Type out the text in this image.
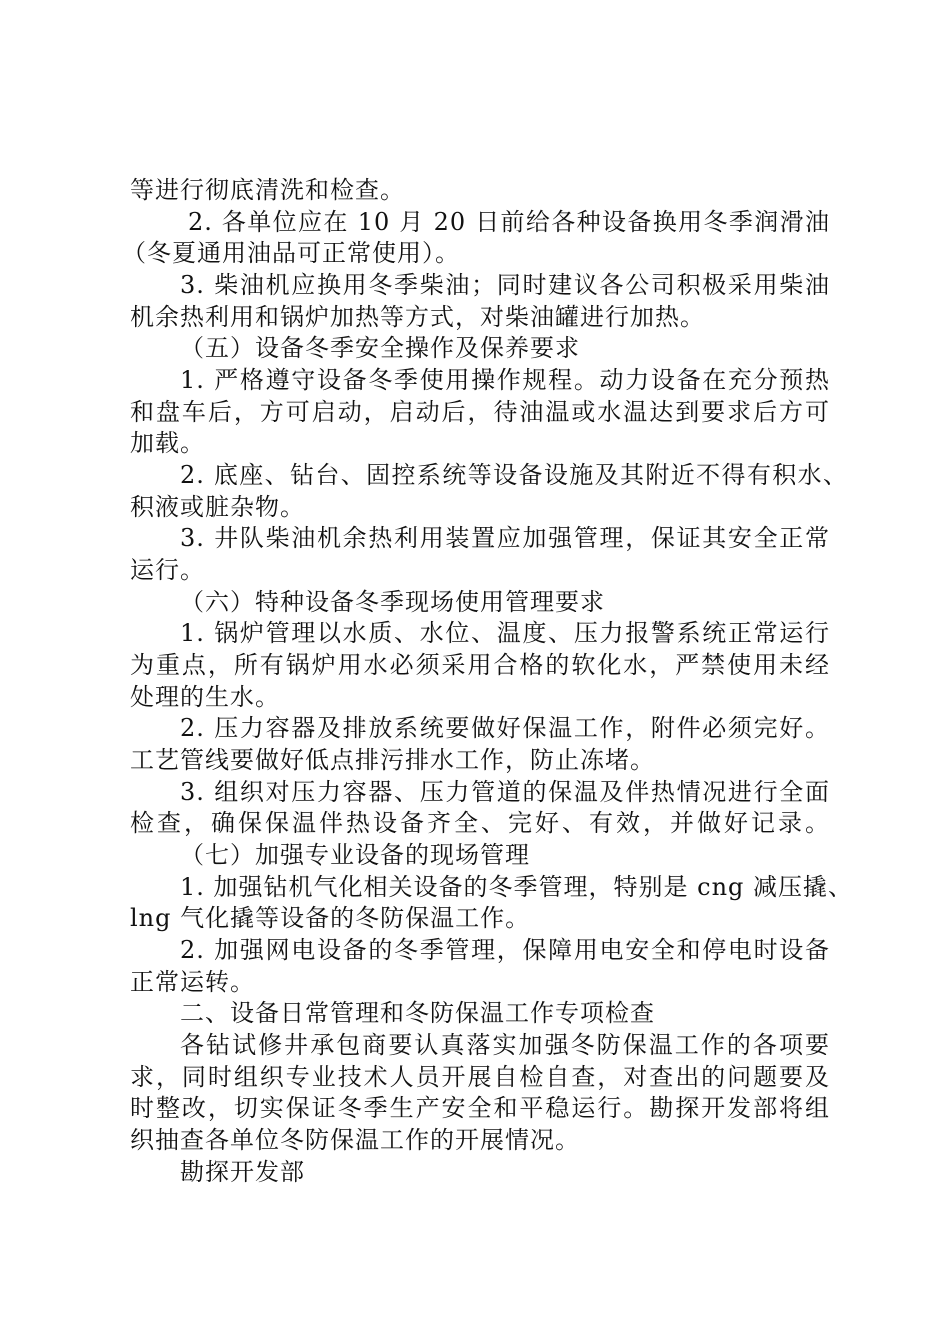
等进行彻底清洗和检查。
2. 各单位应在 10 月 20 日前给各种设备换用冬季润滑油
（冬夏通用油品可正常使用）。
3. 柴油机应换用冬季柴油；同时建议各公司积极采用柴油
机余热利用和锅炉加热等方式，对柴油罐进行加热。
（五）设备冬季安全操作及保养要求
1. 严格遵守设备冬季使用操作规程。动力设备在充分预热
和盘车后，方可启动，启动后，待油温或水温达到要求后方可
加载。
2. 底座、钻台、固控系统等设备设施及其附近不得有积水、
积液或脏杂物。
3. 井队柴油机余热利用装置应加强管理，保证其安全正常
运行。
（六）特种设备冬季现场使用管理要求
1. 锅炉管理以水质、水位、温度、压力报警系统正常运行
为重点，所有锅炉用水必须采用合格的软化水，严禁使用未经
处理的生水。
2. 压力容器及排放系统要做好保温工作，附件必须完好。
工艺管线要做好低点排污排水工作，防止冻堵。
3. 组织对压力容器、压力管道的保温及伴热情况进行全面
检查，确保保温伴热设备齐全、完好、有效，并做好记录。
（七）加强专业设备的现场管理
1. 加强钻机气化相关设备的冬季管理，特别是 cng 减压撬、
lng 气化撬等设备的冬防保温工作。
2. 加强网电设备的冬季管理，保障用电安全和停电时设备
正常运转。
二、设备日常管理和冬防保温工作专项检查
各钻试修井承包商要认真落实加强冬防保温工作的各项要
求，同时组织专业技术人员开展自检自查，对查出的问题要及
时整改，切实保证冬季生产安全和平稳运行。勘探开发部将组
织抽查各单位冬防保温工作的开展情况。
勘探开发部
